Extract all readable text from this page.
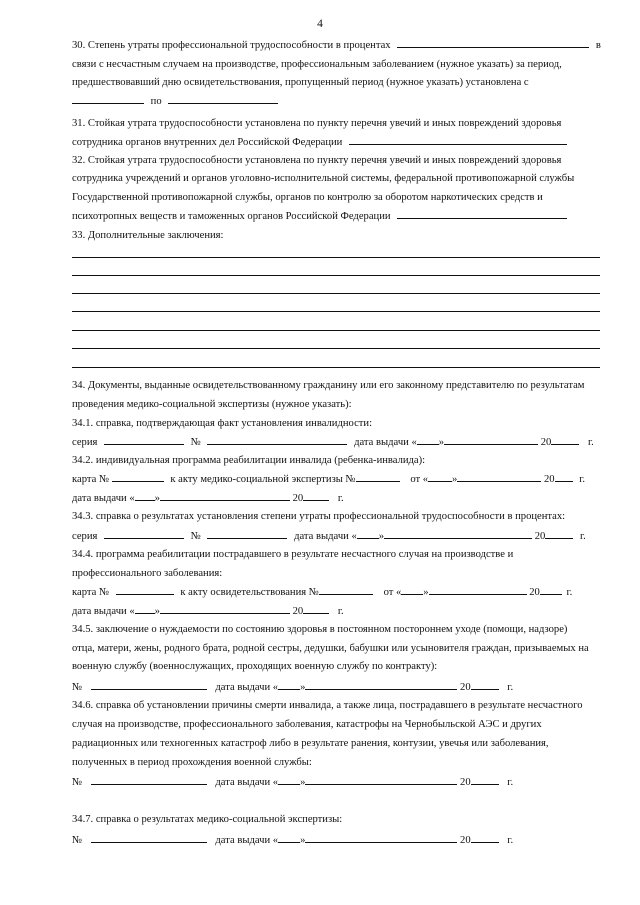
4
30. Степень утраты профессиональной трудоспособности в процентах	в
связи с несчастным случаем на производстве, профессиональным заболеванием (нужное указать) за период,
предшествовавший дню освидетельствования, пропущенный период (нужное указать) установлена с
по
31. Стойкая утрата трудоспособности установлена по пункту перечня увечий и иных повреждений здоровья
сотрудника органов внутренних дел Российской Федерации
32. Стойкая утрата трудоспособности установлена по пункту перечня увечий и иных повреждений здоровья
сотрудника учреждений и органов уголовно-исполнительной системы, федеральной противопожарной службы
Государственной противопожарной службы, органов по контролю за оборотом наркотических средств и
психотропных веществ и таможенных органов Российской Федерации
33. Дополнительные заключения:
34. Документы, выданные освидетельствованному гражданину или его законному представителю по результатам
проведения медико-социальной экспертизы (нужное указать):
34.1. справка, подтверждающая факт установления инвалидности:
серия	№	дата выдачи « »	20	г.
34.2. индивидуальная программа реабилитации инвалида (ребенка-инвалида):
карта №	к акту медико-социальной экспертизы №	от « »	20 г.
дата выдачи « »	20	г.
34.3. справка о результатах установления степени утраты профессиональной трудоспособности в процентах:
серия	№	дата выдачи « »	20	г.
34.4. программа реабилитации пострадавшего в результате несчастного случая на производстве и
профессионального заболевания:
карта №	к акту освидетельствования №	от « »	20	г.
дата выдачи « »	20	г.
34.5. заключение о нуждаемости по состоянию здоровья в постоянном постороннем уходе (помощи, надзоре)
отца, матери, жены, родного брата, родной сестры, дедушки, бабушки или усыновителя граждан, призываемых на
военную службу (военнослужащих, проходящих военную службу по контракту):
№	дата выдачи « »	20	г.
34.6. справка об установлении причины смерти инвалида, а также лица, пострадавшего в результате несчастного
случая на производстве, профессионального заболевания, катастрофы на Чернобыльской АЭС и других
радиационных или техногенных катастроф либо в результате ранения, контузии, увечья или заболевания,
полученных в период прохождения военной службы:
№	дата выдачи « »	20	г.
34.7. справка о результатах медико-социальной экспертизы:
№	дата выдачи « »	20	г.
